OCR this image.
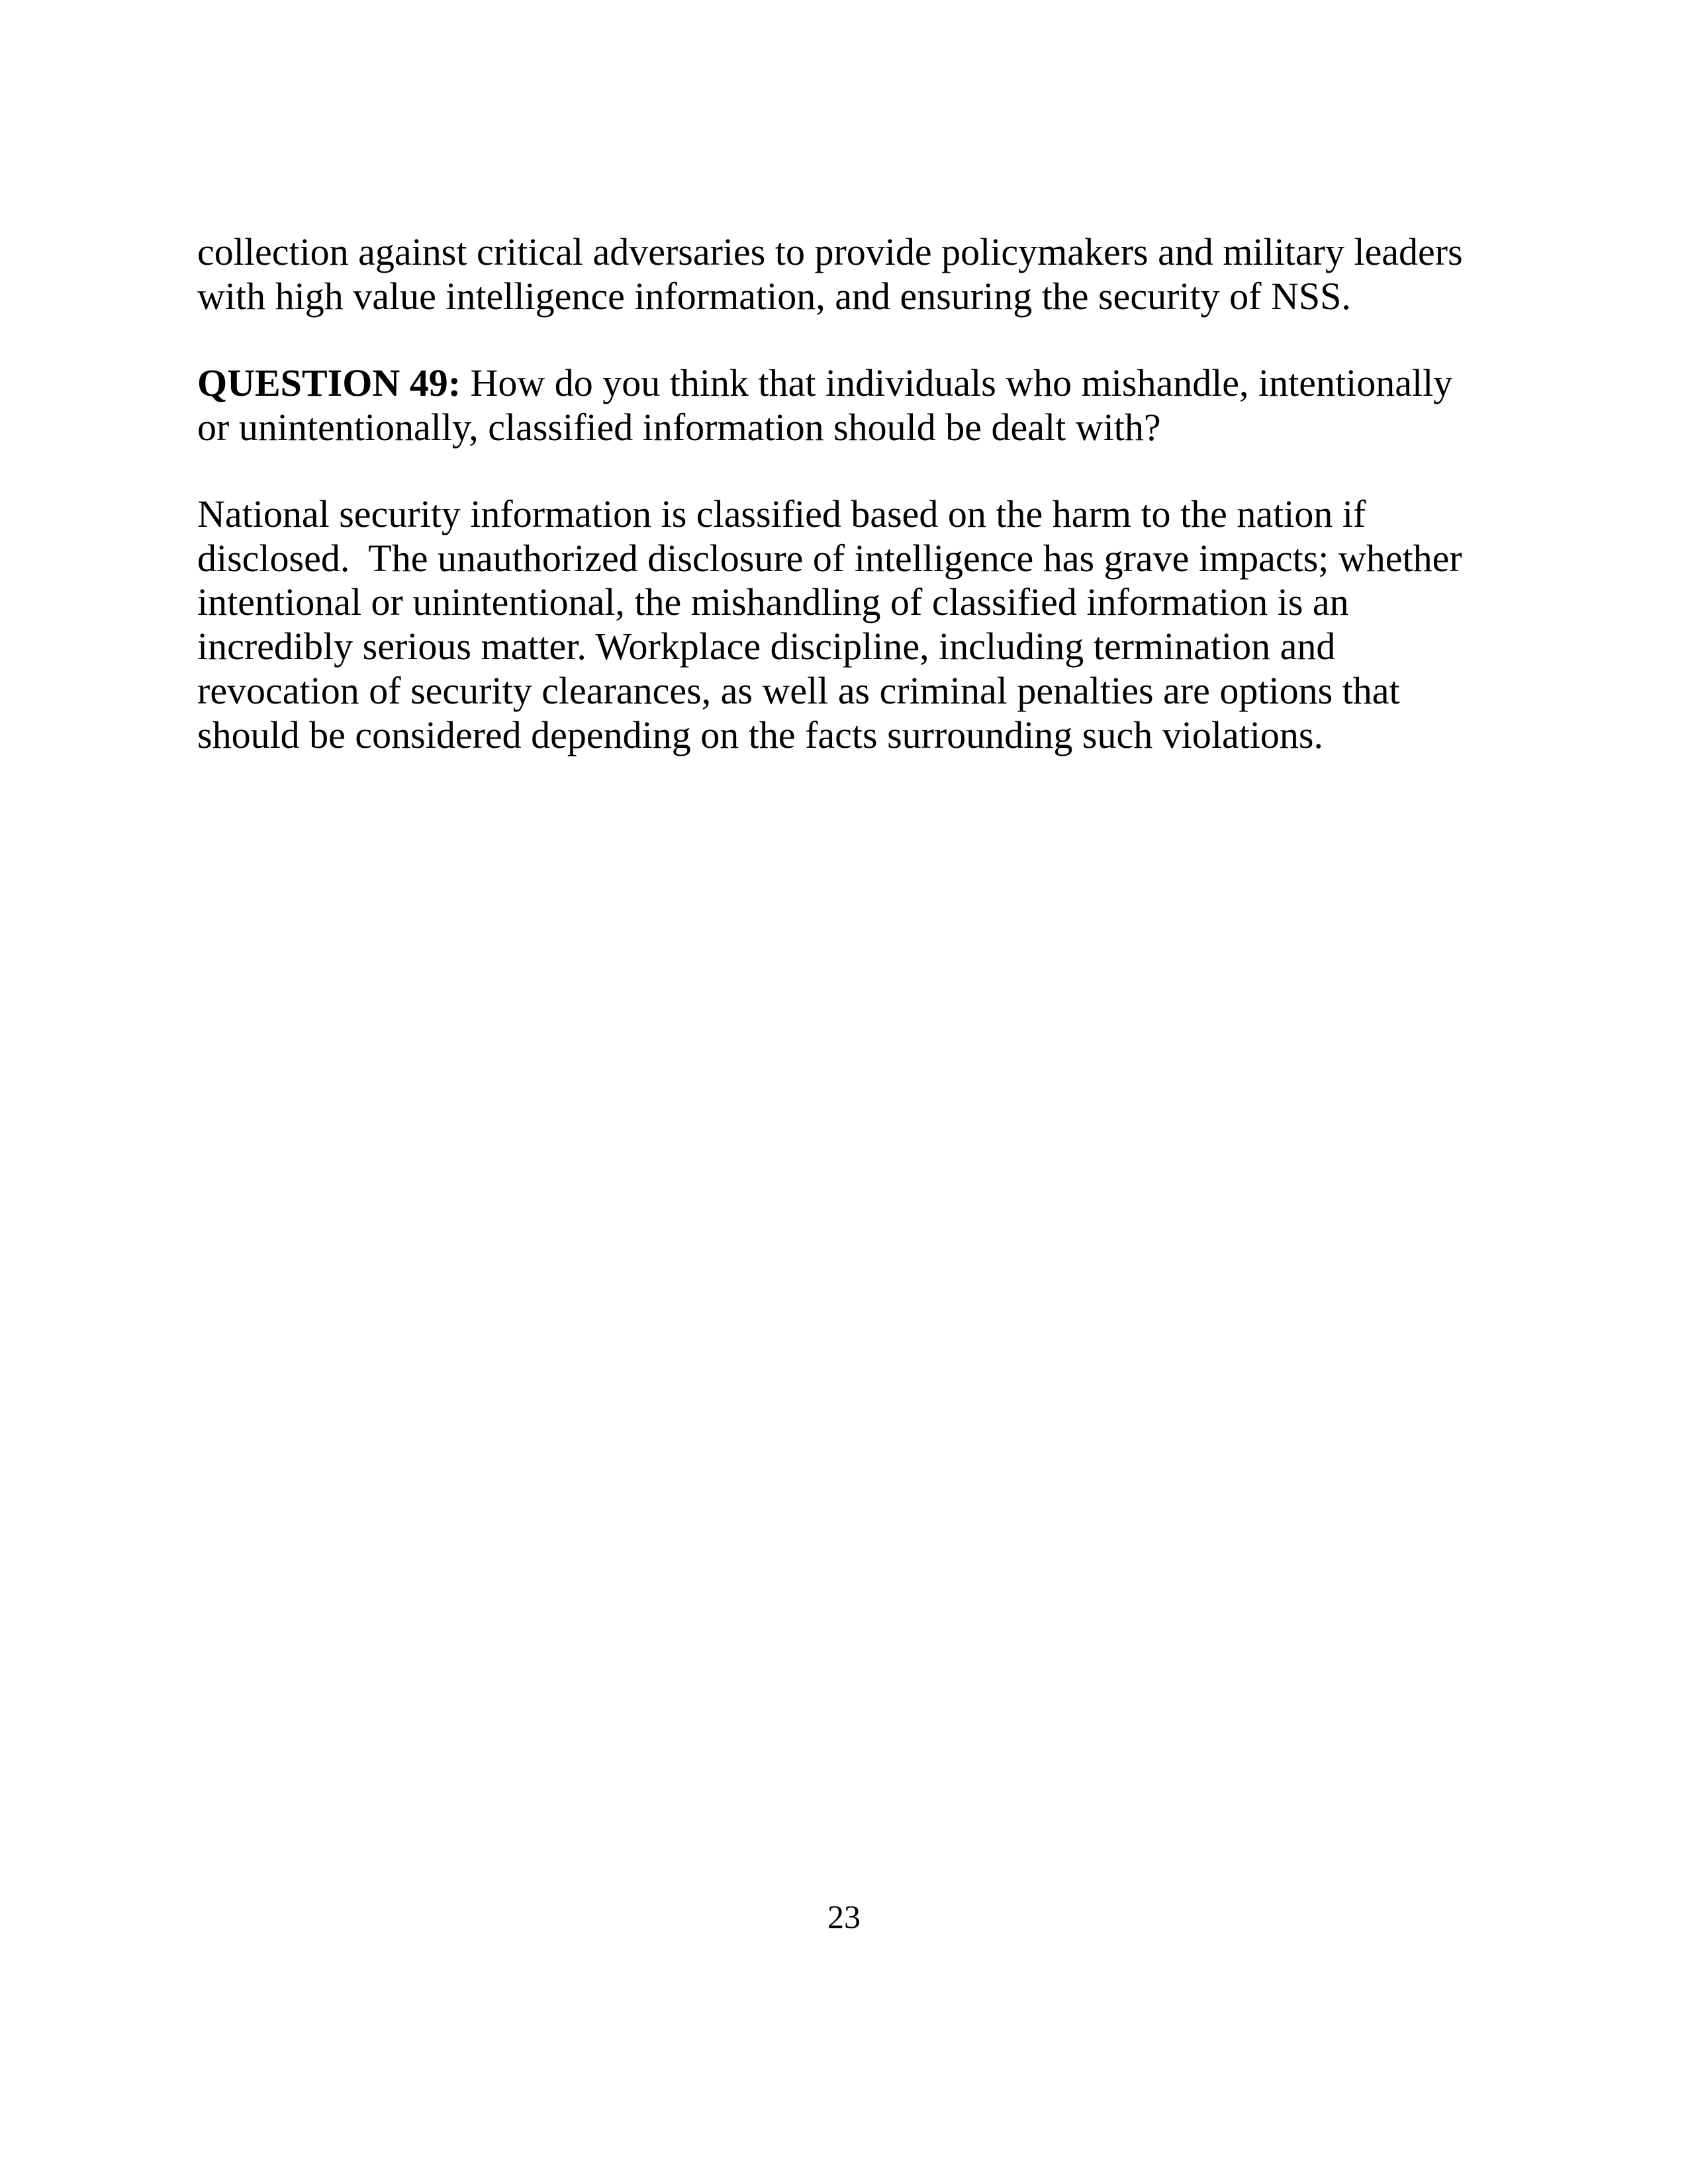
collection against critical adversaries to provide policymakers and military leaders
with high value intelligence information, and ensuring the security of NSS.
QUESTION 49: How do you think that individuals who mishandle, intentionally
or unintentionally, classified information should be dealt with?
National security information is classified based on the harm to the nation if
disclosed.  The unauthorized disclosure of intelligence has grave impacts; whether
intentional or unintentional, the mishandling of classified information is an
incredibly serious matter. Workplace discipline, including termination and
revocation of security clearances, as well as criminal penalties are options that
should be considered depending on the facts surrounding such violations.
23
